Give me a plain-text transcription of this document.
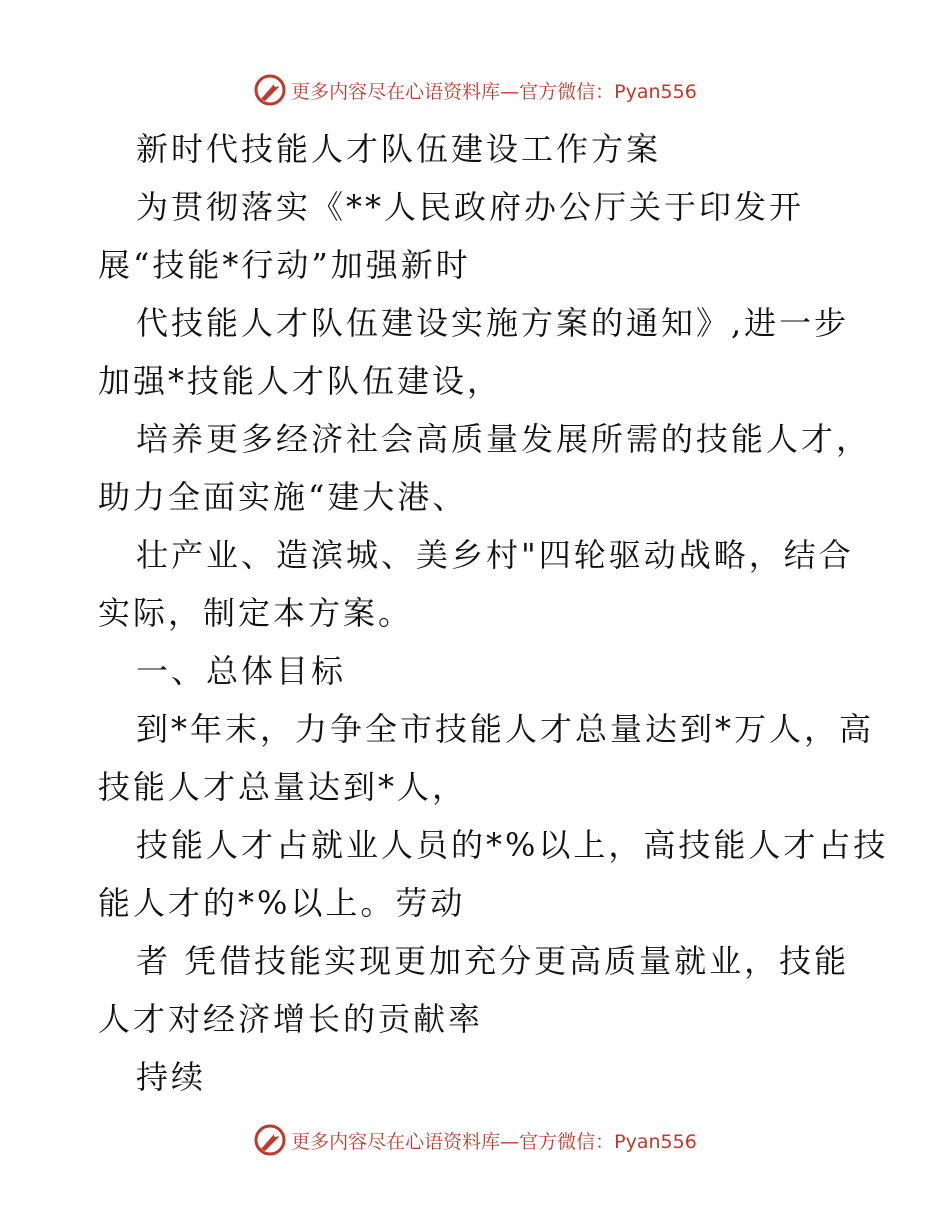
更多内容尽在心语资料库—官方微信：Pyan556
新时代技能人才队伍建设工作方案
为贯彻落实《**人民政府办公厅关于印发开
展“技能*行动”加强新时
代技能人才队伍建设实施方案的通知》,进一步
加强*技能人才队伍建设，
培养更多经济社会高质量发展所需的技能人才，
助力全面实施“建大港、
壮产业、造滨城、美乡村"四轮驱动战略，结合
实际，制定本方案。
一、总体目标
到*年末，力争全市技能人才总量达到*万人，高
技能人才总量达到*人，
技能人才占就业人员的*%以上，高技能人才占技
能人才的*%以上。劳动
者 凭借技能实现更加充分更高质量就业，技能
人才对经济增长的贡献率
持续
更多内容尽在心语资料库—官方微信：Pyan556
